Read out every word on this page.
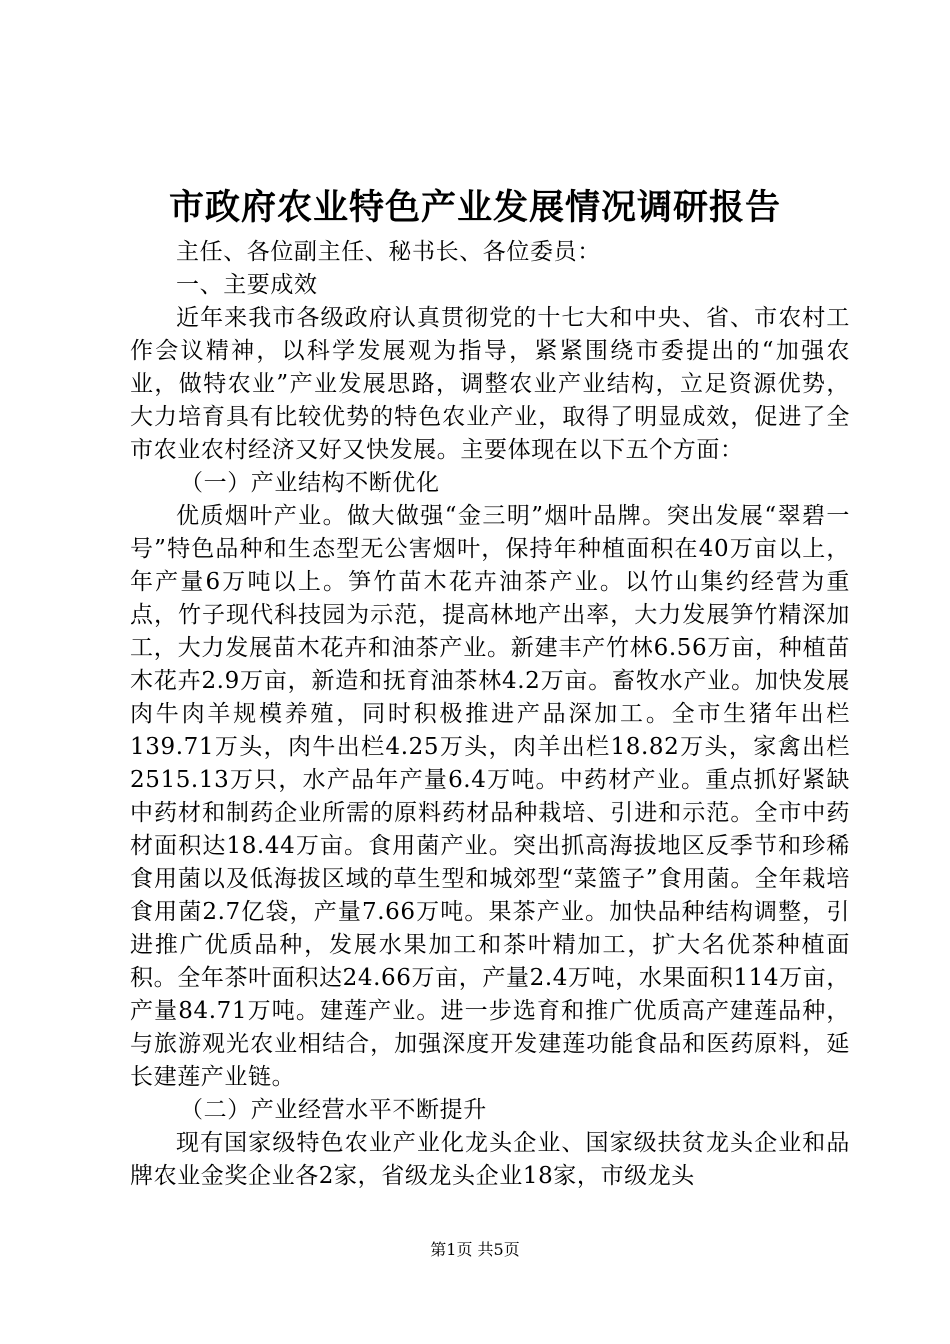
市政府农业特色产业发展情况调研报告

主任、各位副主任、秘书长、各位委员：

一、主要成效

近年来我市各级政府认真贯彻党的十七大和中央、省、市农村工作会议精神，以科学发展观为指导，紧紧围绕市委提出的“加强农业，做特农业”产业发展思路，调整农业产业结构，立足资源优势，大力培育具有比较优势的特色农业产业，取得了明显成效，促进了全市农业农村经济又好又快发展。主要体现在以下五个方面：

（一）产业结构不断优化

优质烟叶产业。做大做强“金三明”烟叶品牌。突出发展“翠碧一号”特色品种和生态型无公害烟叶，保持年种植面积在40万亩以上，年产量6万吨以上。笋竹苗木花卉油茶产业。以竹山集约经营为重点，竹子现代科技园为示范，提高林地产出率，大力发展笋竹精深加工，大力发展苗木花卉和油茶产业。新建丰产竹林6.56万亩，种植苗木花卉2.9万亩，新造和抚育油茶林4.2万亩。畜牧水产业。加快发展肉牛肉羊规模养殖，同时积极推进产品深加工。全市生猪年出栏139.71万头，肉牛出栏4.25万头，肉羊出栏18.82万头，家禽出栏2515.13万只，水产品年产量6.4万吨。中药材产业。重点抓好紧缺中药材和制药企业所需的原料药材品种栽培、引进和示范。全市中药材面积达18.44万亩。食用菌产业。突出抓高海拔地区反季节和珍稀食用菌以及低海拔区域的草生型和城郊型“菜篮子”食用菌。全年栽培食用菌2.7亿袋，产量7.66万吨。果茶产业。加快品种结构调整，引进推广优质品种，发展水果加工和茶叶精加工，扩大名优茶种植面积。全年茶叶面积达24.66万亩，产量2.4万吨，水果面积114万亩，产量84.71万吨。建莲产业。进一步选育和推广优质高产建莲品种，与旅游观光农业相结合，加强深度开发建莲功能食品和医药原料，延长建莲产业链。

（二）产业经营水平不断提升

现有国家级特色农业产业化龙头企业、国家级扶贫龙头企业和品牌农业金奖企业各2家，省级龙头企业18家，市级龙头

第1页 共5页
